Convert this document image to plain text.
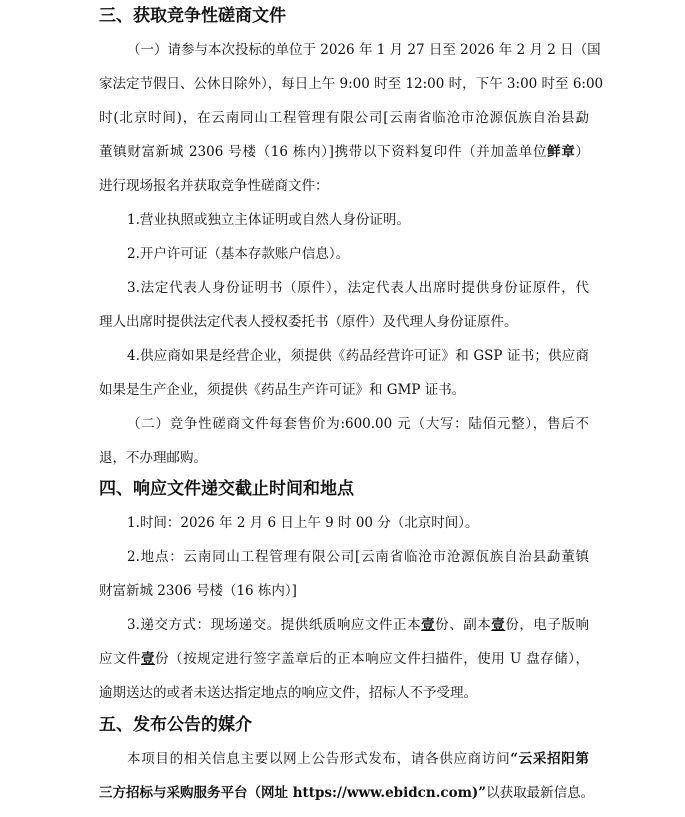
三、获取竞争性磋商文件
（一）请参与本次投标的单位于 2026 年 1 月 27 日至 2026 年 2 月 2 日（国
家法定节假日、公休日除外），每日上午 9:00 时至 12:00 时，下午 3:00 时至 6:00
时(北京时间)，在云南同山工程管理有限公司[云南省临沧市沧源佤族自治县勐
董镇财富新城 2306 号楼（16 栋内）]携带以下资料复印件（并加盖单位鲜章）
进行现场报名并获取竞争性磋商文件：
1.营业执照或独立主体证明或自然人身份证明。
2.开户许可证（基本存款账户信息）。
3.法定代表人身份证明书（原件），法定代表人出席时提供身份证原件，代
理人出席时提供法定代表人授权委托书（原件）及代理人身份证原件。
4.供应商如果是经营企业，须提供《药品经营许可证》和 GSP 证书；供应商
如果是生产企业，须提供《药品生产许可证》和 GMP 证书。
（二）竞争性磋商文件每套售价为:600.00 元（大写：陆佰元整），售后不
退，不办理邮购。
四、响应文件递交截止时间和地点
1.时间：2026 年 2 月 6 日上午 9 时 00 分（北京时间）。
2.地点：云南同山工程管理有限公司[云南省临沧市沧源佤族自治县勐董镇
财富新城 2306 号楼（16 栋内）]
3.递交方式：现场递交。提供纸质响应文件正本壹份、副本壹份，电子版响
应文件壹份（按规定进行签字盖章后的正本响应文件扫描件，使用 U 盘存储），
逾期送达的或者未送达指定地点的响应文件，招标人不予受理。
五、发布公告的媒介
本项目的相关信息主要以网上公告形式发布，请各供应商访问“云采招阳第
三方招标与采购服务平台（网址 https://www.ebidcn.com)”以获取最新信息。
